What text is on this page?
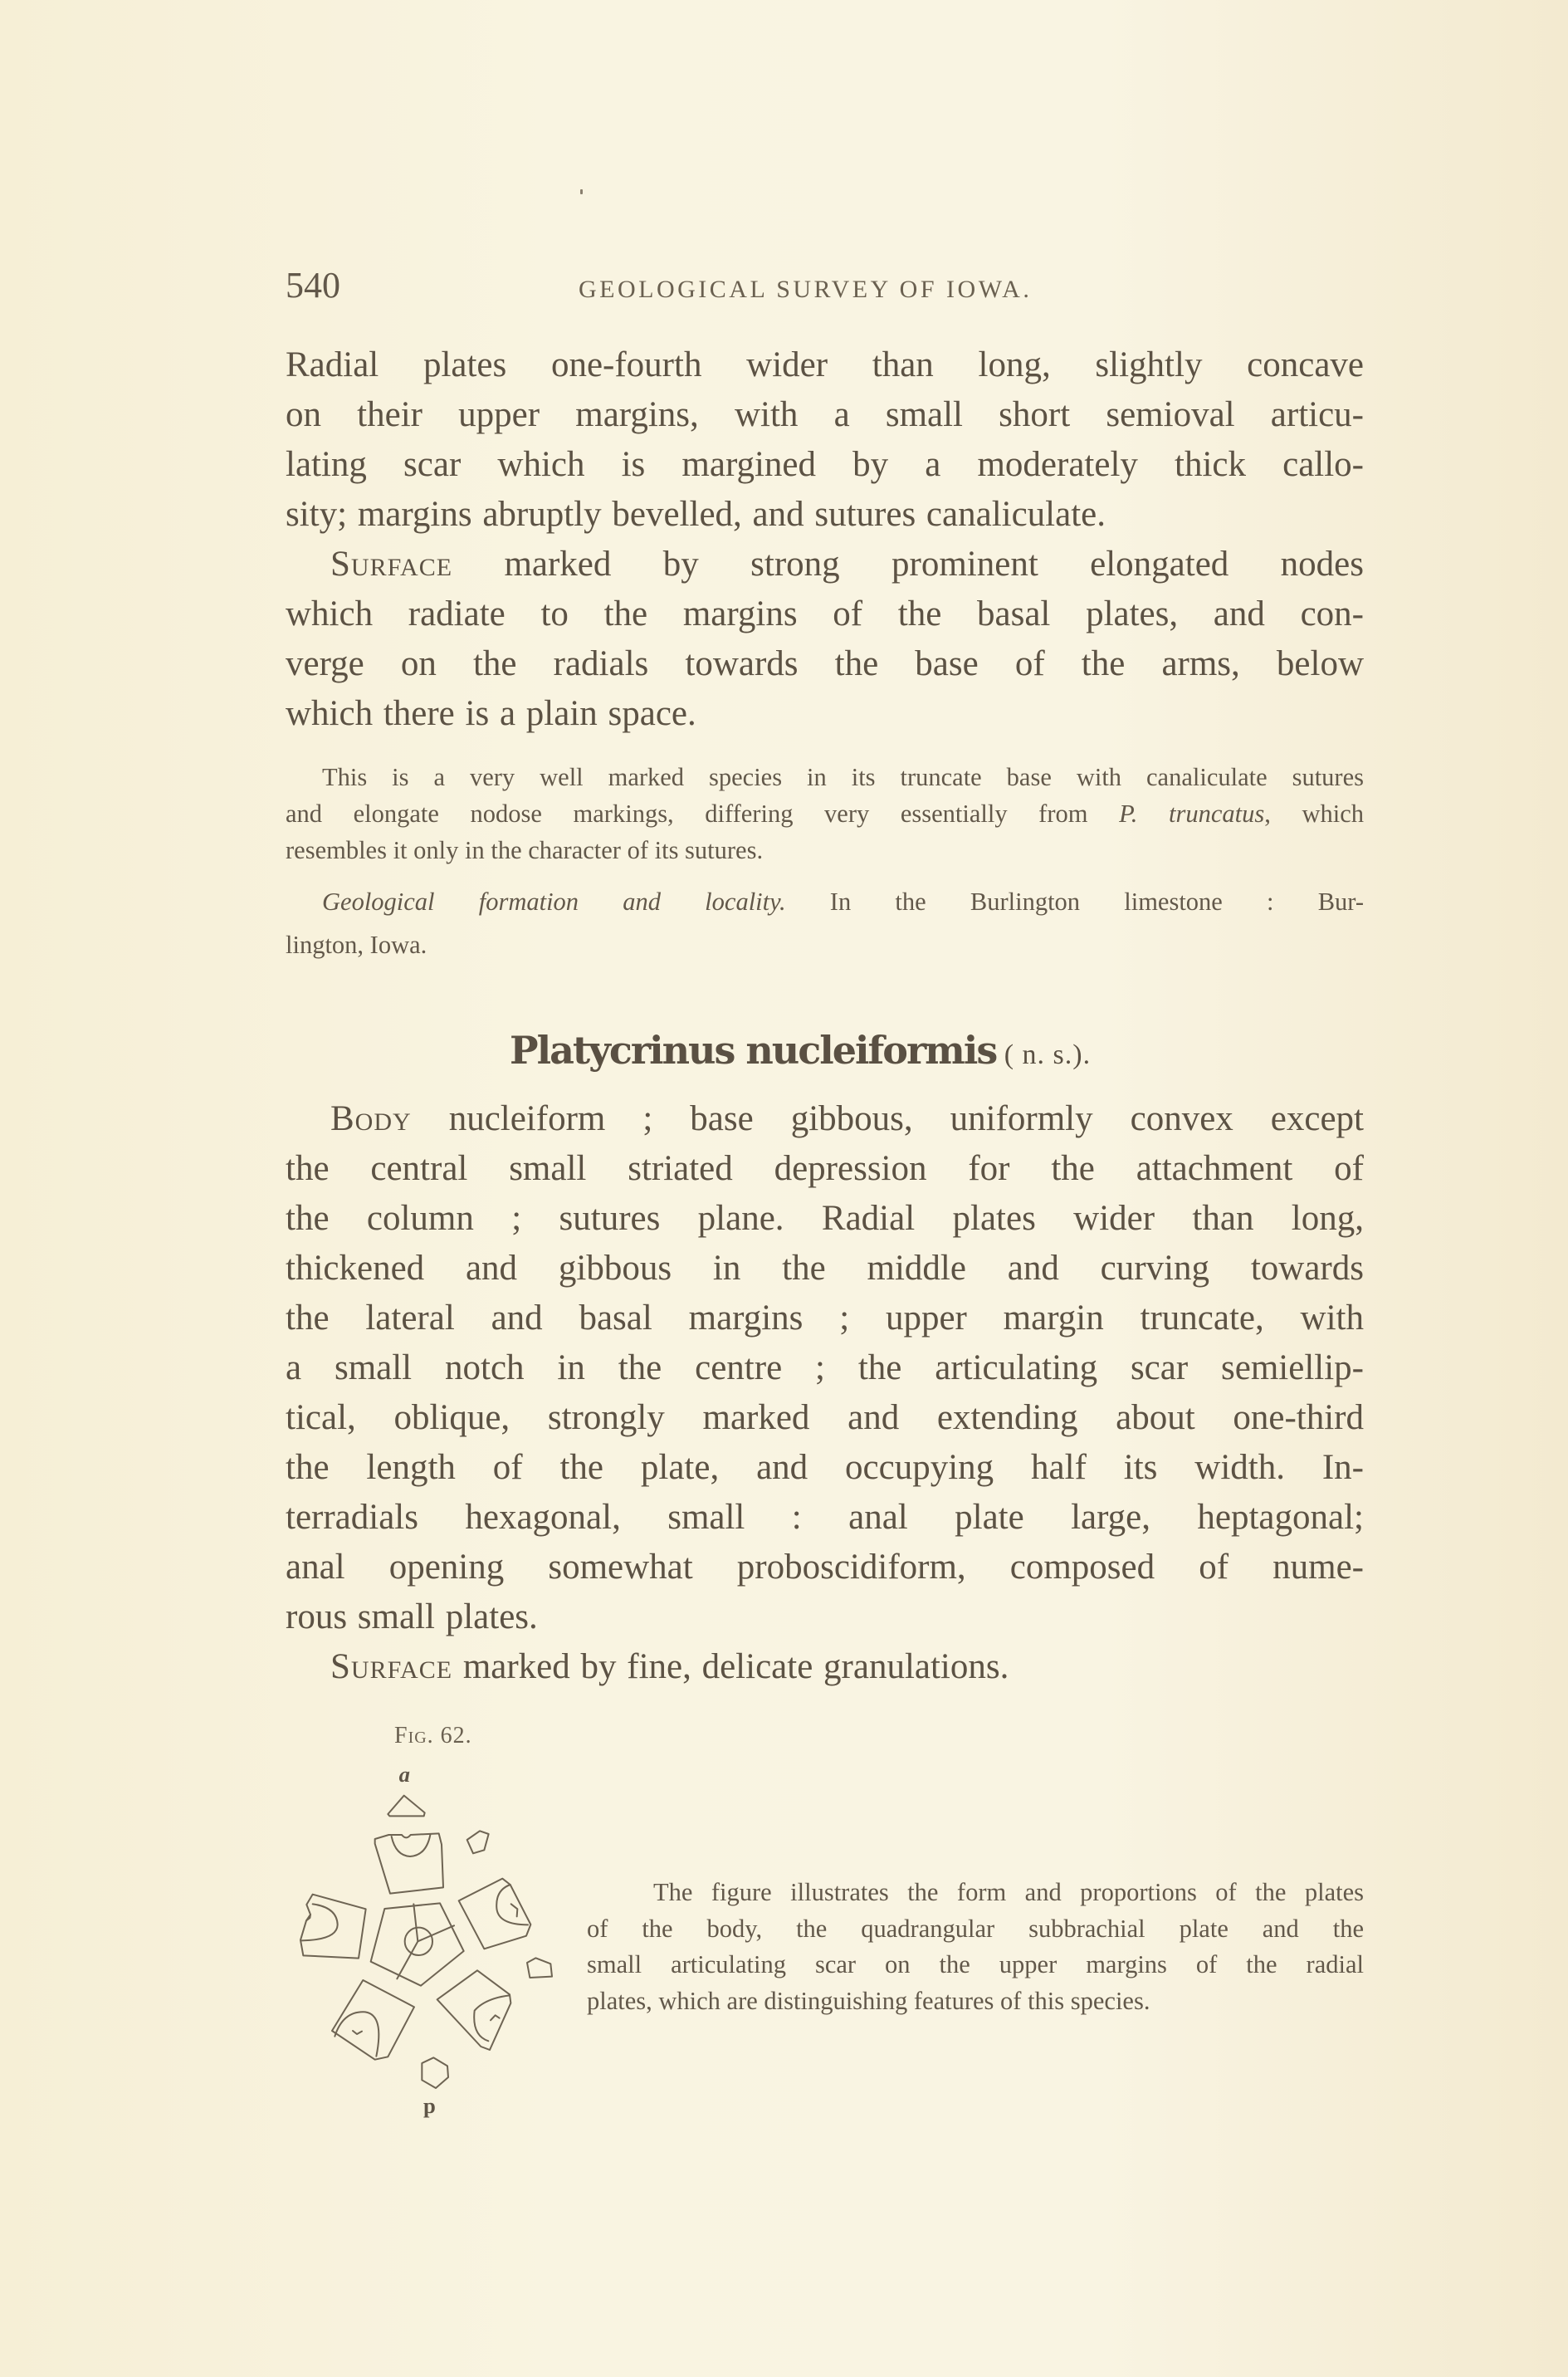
540	GEOLOGICAL SURVEY OF IOWA.
Radial plates one-fourth wider than long, slightly concave
on their upper margins, with a small short semioval articu-
lating scar which is margined by a moderately thick callo-
sity; margins abruptly bevelled, and sutures canaliculate.
Surface marked by strong prominent elongated nodes
which radiate to the margins of the basal plates, and con-
verge on the radials towards the base of the arms, below
which there is a plain space.
This is a very well marked species in its truncate base with canaliculate sutures
and elongate nodose markings, differing very essentially from P. truncatus, which
resembles it only in the character of its sutures.
Geological formation and locality. In the Burlington limestone : Bur-
lington, Iowa.
Platycrinus nucleiformis ( n. s.).
Body nucleiform ; base gibbous, uniformly convex except
the central small striated depression for the attachment of
the column ; sutures plane. Radial plates wider than long,
thickened and gibbous in the middle and curving towards
the lateral and basal margins ; upper margin truncate, with
a small notch in the centre ; the articulating scar semiellip-
tical, oblique, strongly marked and extending about one-third
the length of the plate, and occupying half its width. In-
terradials hexagonal, small : anal plate large, heptagonal;
anal opening somewhat proboscidiform, composed of nume-
rous small plates.
Surface marked by fine, delicate granulations.
Fig. 62.
a
p
The figure illustrates the form and proportions of the plates
of the body, the quadrangular subbrachial plate and the
small articulating scar on the upper margins of the radial
plates, which are distinguishing features of this species.
